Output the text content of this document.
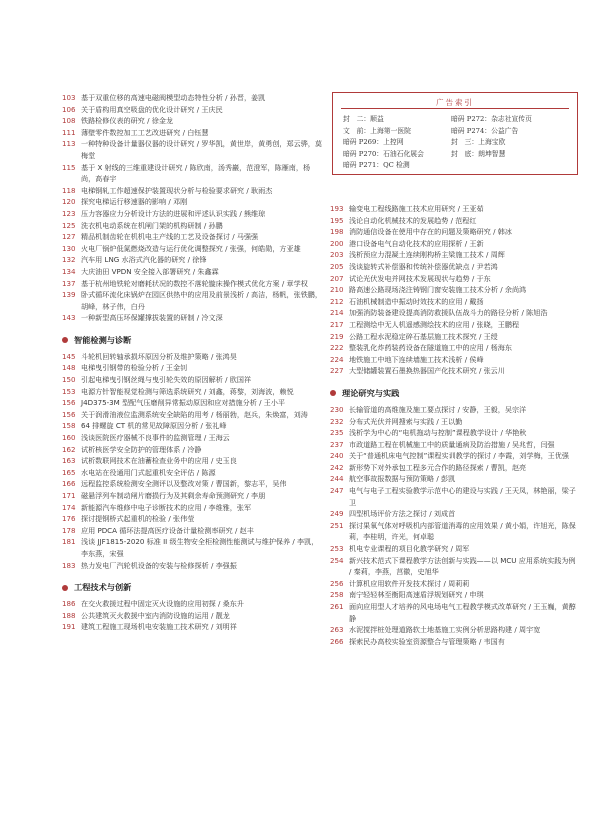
103 基于双重位移的高速电磁阀模型动态特性分析 / 孙晋，姜凯

106 关于盾构用真空吸盘的优化设计研究 / 王庆民

108 铁路检修仪表的研究 / 徐金龙

111 薄壁零件数控加工工艺改进研究 / 白钰慧

113 一种特种设备计量器仪器的设计研究 / 罗华凯，黄世岸，黄勇创，郑云骅，莫梅堂

115 基于 X 射线的三维重建设计研究 / 陈欣南，汤秀巖，范澄军，陈雁南，杨尚，高春宇

118 电梯钢轧工作超速保护装置现状分析与检验要求研究 / 耿雨杰

120 探究电梯运行移速器的影响 / 邓刚

123 压力容器应力分析设计方法的进展和评述认识实践 / 熊维琼

125 洗衣机电动系统在机闸门架的机构研制 / 孙鹏

127 精品机制齿轮在机机电主产线的工艺及设备探讨 / 马强强

130 火电厂锅炉低氮燃烧改造与运行优化调整探究 / 张强，何皓勋，方亚雄

132 汽车用 LNG 水浴式汽化器的研究 / 徐锋

134 大庆油田 VPDN 安全接入部署研究 / 朱鑫霖

137 基于杭州地铁轮对磨耗状况的数控不落轮镟床操作模式优化方案 / 章学权

139 卧式循环流化床锅炉在园区供热中的应用及前景浅析 / 高洁，杨帆，张铁鹏，胡峰，林子伟，白丹

143 一种新型高压环保罐撑拔装置的研制 / 冷文深

智能检测与诊断

145 斗轮机回转轴承损坏原因分析及维护策略 / 张鸿昊

148 电梯曳引钢带的检验分析 / 王金钊

150 引起电梯曳引钢丝绳与曳引轮失效的原因解析 / 欧国祥

153 电源方针智能视觉检测与筛选系统研究 / 刘鑫，蒋黎，刘海波，赖悦

156 J4D375-3M 型配气压磨削异常振动原因和应对措施分析 / 王小平

156 关于润滑油液位监测系统安全缺陷的用考 / 杨丽勃，赵兵，朱焕富，刘涛

158 64 排螺旋 CT 机的常见故障原因分析 / 张礼峰

160 浅谈医院医疗器械不良事件的监测管理 / 王海云

162 试析核医学安全防护的管理体系 / 冷静

163 试析数联网技术在油蓄检查业务中的应用 / 史玉良

165 水电站在役通用门式起重机安全评估 / 陈源

166 远程监控系统检测安全测评以及整改对策 / 曹国新，黎志平，吴伟

171 磁悬浮列车制动闸片磨损行为及其剩余寿命预测研究 / 李朋

174 新能源汽车维修中电子诊断技术的应用 / 李维雅，张军

176 探讨提钢桥式起重机的检验 / 张伟莹

178 应用 PDCA 循环法提高医疗设备计量检测率研究 / 赵丰

181 浅谈 JJF1815-2020 标准 II 级生物安全柜检测性能测试与维护保养 / 李凯，李东燕，宋强

183 热力发电厂汽轮机设备的安装与检修探析 / 李强振

工程技术与创新

186 在交火救援过程中固定灭火设施的应用初探 / 桑东升

188 公共建筑灭火救援中室内消防设施的运用 / 靓龙

191 建筑工程施工现场机电安装施工技术研究 / 刘明祥

广告索引
封　二：顺益	暗码 P272：杂志社宣传页
文　前：上海第一医院	暗码 P274：公益广告
暗码 P269：上控网	封　三：上海宝欧
暗码 P270：石油石化展会	封　底：朗坤智慧
暗码 P271：QC 检测

193 输变电工程线路施工技术应用研究 / 王亚茹

195 浅论自动化机械技术的发展趋势 / 范程红

198 消防通信设备在使用中存在的问题及策略研究 / 韩冰

200 港口设备电气自动化技术的应用探析 / 王新

203 浅析预应力混凝土连续刚构桥主梁施工技术 / 周辉

205 浅谈旋转式补偿器和传统补偿器优缺点 / 尹若鸿

207 试论光伏发电并网技术发展现状与趋势 / 于东

210 路高速公路现场浇注铸钢门窗安装施工技术分析 / 余尚鸿

212 石油机械制造中振动时效技术的应用 / 戴扬

214 加强消防装备建设提高消防救援队伍战斗力的路径分析 / 陈旭浩

217 工程测绘中无人机遥感测绘技术的应用 / 张晓，王鹏程

219 公路工程水泥稳定碎石基层施工技术探究 / 王绶

222 整装乳化炸药装药设备在隧道施工中的应用 / 杨海东

224 地铁施工中地下连续墙施工技术浅析 / 侯峰

227 大型储罐装置石墨换热器国产化技术研究 / 张云川

理论研究与实践

230 长输管道的高维施及施工要点探讨 / 安静，王毅，吴宗洋

232 分布式光伏并网搜索与实践 / 王以勤

235 浅析学为中心的“电机拖动与控制”课程教学设计 / 华艳秋

237 市政道路工程在机械施工中的质量通病及防治措施 / 吴兆哲，闫强

240 关于“普通机床电气控制”课程实训教学的探讨 / 李霞，刘学梅，王优强

242 新形势下对外承包工程多元合作的路径探索 / 曹凯，赵亮

244 航空事故报数据与预防策略 / 彭凯

247 电气与电子工程实验教学示范中心的建设与实践 / 王天凤，林艳丽，梁子卫

249 四型机场评价方法之探讨 / 刘成首

251 探讨果氧气体对呼吸机内部管道消毒的应用效果 / 黄小娟，许旭光，陈保莉，李桂明，许光，何卓聪

253 机电专业课程的项目化教学研究 / 周军

254 新兴技术范式下课程教学方法创新与实践——以 MCU 应用系统实践为例 / 秦莉，李燕，莒徽，史旭华

256 计算机应用软件开发技术探讨 / 周莉莉

258 南宁轻轻林至衡阳高速盾浮规划研究 / 申琪

261 面向应用型人才培养的风电场电气工程教学模式改革研究 / 王玉巍，黄醇静

263 水泥搅拌桩处理道路软土地基施工实例分析思路构建 / 周宇宽

266 探索民办高校实验室资源整合与管理策略 / 韦国有
